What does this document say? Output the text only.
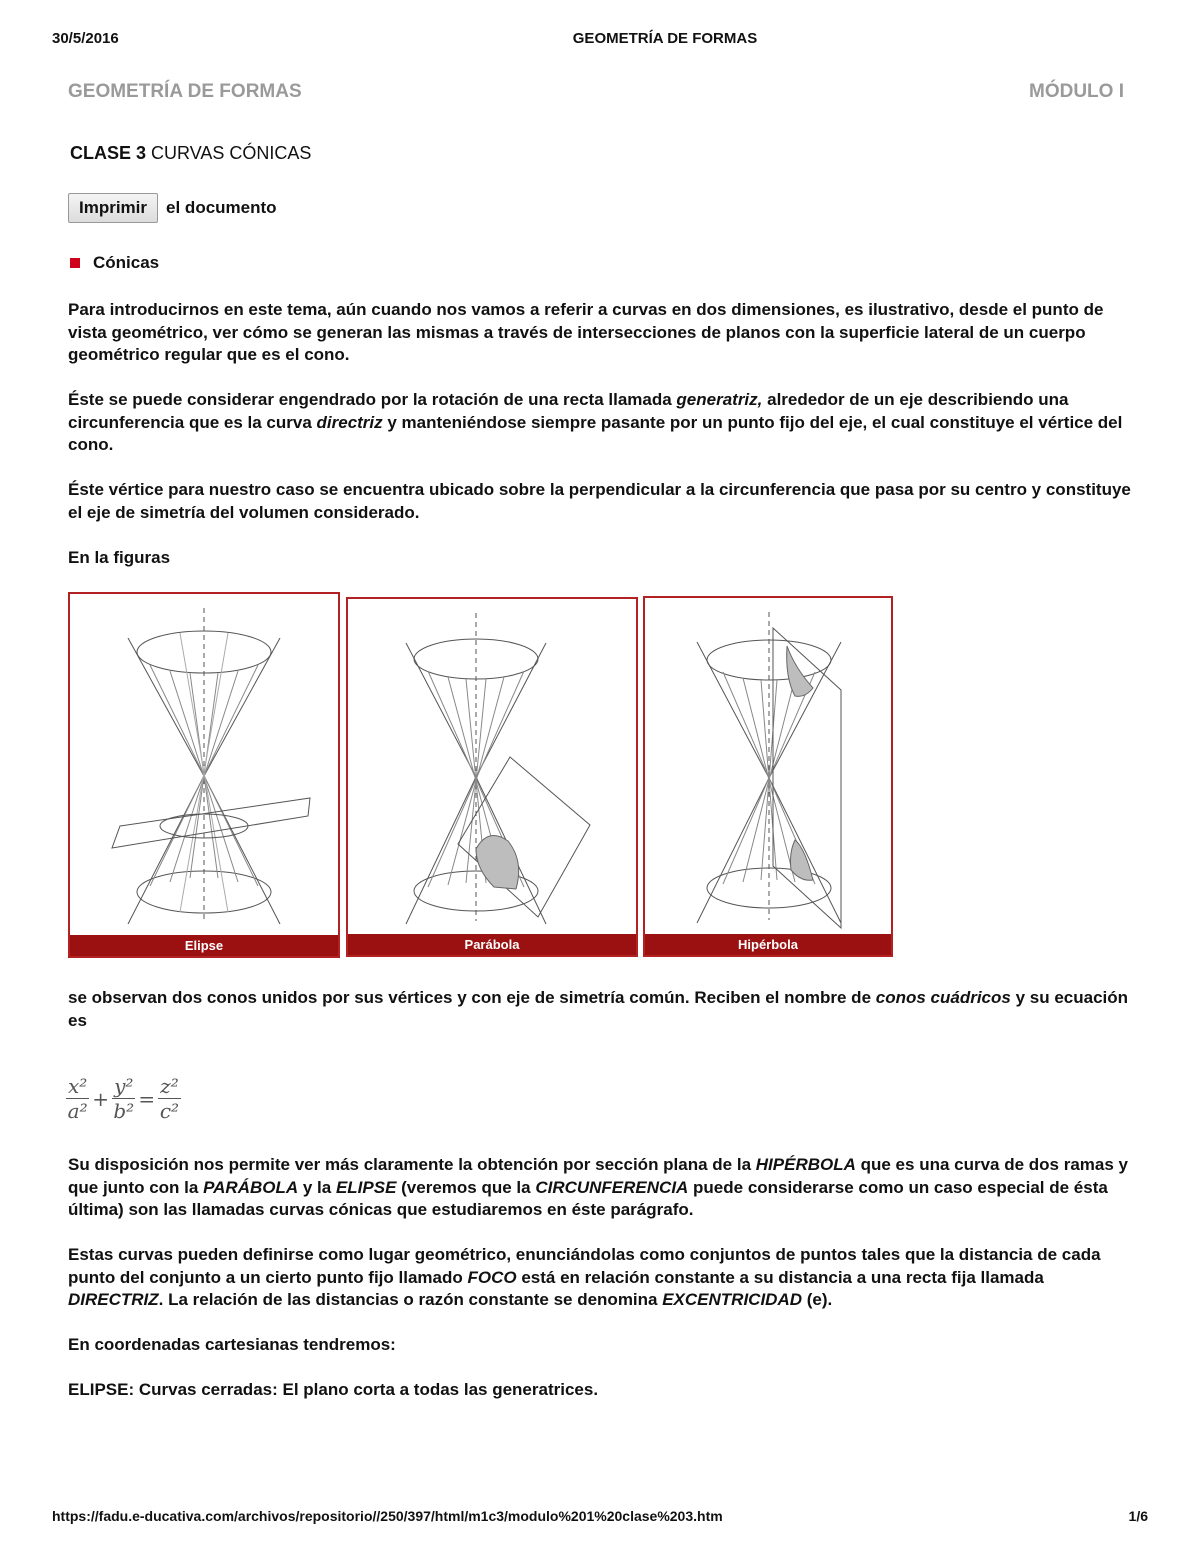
30/5/2016	GEOMETRÍA DE FORMAS
GEOMETRÍA DE FORMAS	MÓDULO I
CLASE 3 CURVAS CÓNICAS
Imprimir	el documento
Cónicas
Para introducirnos en este tema, aún cuando nos vamos a referir a curvas en dos dimensiones, es ilustrativo, desde el punto de vista geométrico, ver cómo se generan las mismas a través de intersecciones de planos con la superficie lateral de un cuerpo geométrico regular que es el cono.
Éste se puede considerar engendrado por la rotación de una recta llamada generatriz, alrededor de un eje describiendo una circunferencia que es la curva directriz y manteniéndose siempre pasante por un punto fijo del eje, el cual constituye el vértice del cono.
Éste vértice para nuestro caso se encuentra ubicado sobre la perpendicular a la circunferencia que pasa por su centro y constituye el eje de simetría del volumen considerado.
En la figuras
Elipse	Parábola	Hipérbola
se observan dos conos unidos por sus vértices y con eje de simetría común. Reciben el nombre de conos cuádricos y su ecuación es
$\frac{\text{x²}}{\text{a²}} + \frac{\text{y²}}{\text{b²}} = \frac{\text{z²}}{\text{c²}}$
Su disposición nos permite ver más claramente la obtención por sección plana de la HIPÉRBOLA que es una curva de dos ramas y que junto con la PARÁBOLA y la ELIPSE (veremos que la CIRCUNFERENCIA puede considerarse como un caso especial de ésta última) son las llamadas curvas cónicas que estudiaremos en éste parágrafo.
Estas curvas pueden definirse como lugar geométrico, enunciándolas como conjuntos de puntos tales que la distancia de cada punto del conjunto a un cierto punto fijo llamado FOCO está en relación constante a su distancia a una recta fija llamada DIRECTRIZ. La relación de las distancias o razón constante se denomina EXCENTRICIDAD (e).
En coordenadas cartesianas tendremos:
ELIPSE: Curvas cerradas: El plano corta a todas las generatrices.
https://fadu.e-ducativa.com/archivos/repositorio//250/397/html/m1c3/modulo%201%20clase%203.htm	1/6
